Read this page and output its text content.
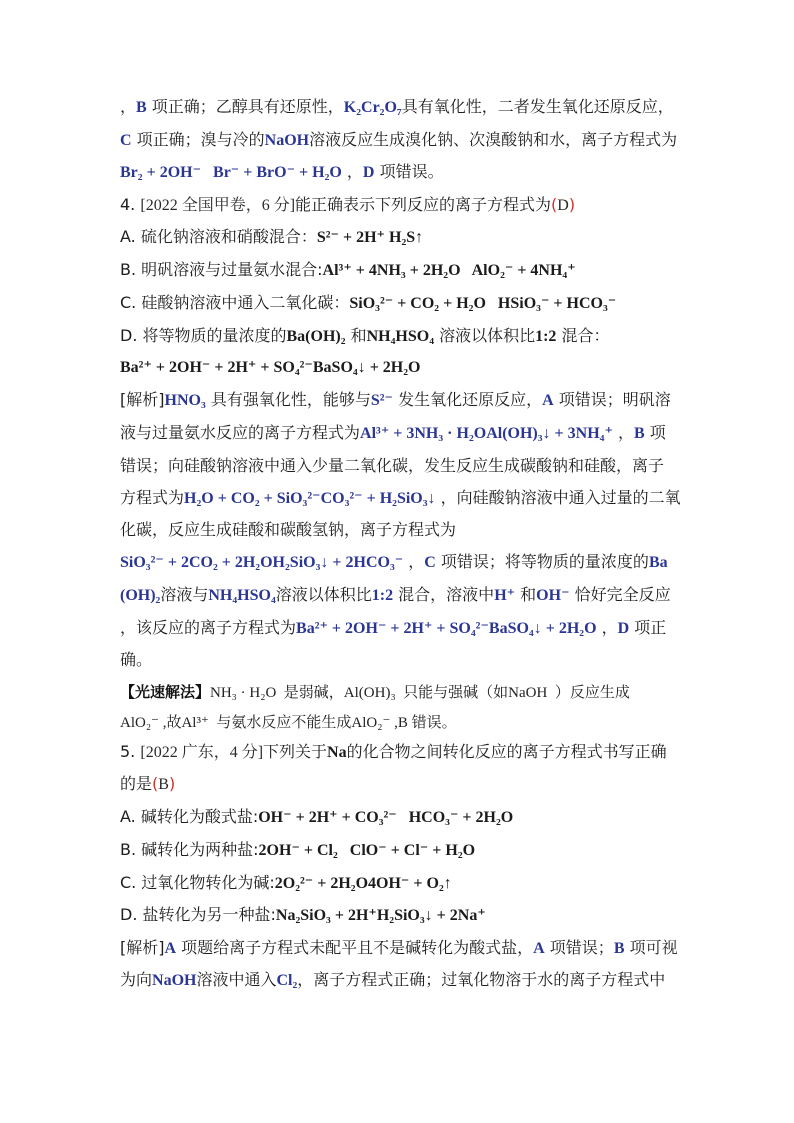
，B 项正确；乙醇具有还原性，K₂Cr₂O₇具有氧化性，二者发生氧化还原反应，
C 项正确；溴与冷的NaOH溶液反应生成溴化钠、次溴酸钠和水，离子方程式为
Br₂ + 2OH⁻   Br⁻ + BrO⁻ + H₂O ，D 项错误。
4. [2022 全国甲卷，6 分]能正确表示下列反应的离子方程式为(D)
A. 硫化钠溶液和硝酸混合：S²⁻ + 2H⁺ H₂S↑
B. 明矾溶液与过量氨水混合:Al³⁺ + 4NH₃ + 2H₂O   AlO₂⁻ + 4NH₄⁺
C. 硅酸钠溶液中通入二氧化碳：SiO₃²⁻ + CO₂ + H₂O   HSiO₃⁻ + HCO₃⁻
D. 将等物质的量浓度的Ba(OH)₂ 和NH₄HSO₄ 溶液以体积比1:2 混合：
Ba²⁺ + 2OH⁻ + 2H⁺ + SO₄²⁻BaSO₄↓ + 2H₂O
[解析]HNO₃ 具有强氧化性，能够与S²⁻ 发生氧化还原反应，A 项错误；明矾溶
液与过量氨水反应的离子方程式为Al³⁺ + 3NH₃ · H₂OAl(OH)₃↓ + 3NH₄⁺ ，B 项
错误；向硅酸钠溶液中通入少量二氧化碳，发生反应生成碳酸钠和硅酸，离子
方程式为H₂O + CO₂ + SiO₃²⁻CO₃²⁻ + H₂SiO₃↓ ，向硅酸钠溶液中通入过量的二氧
化碳，反应生成硅酸和碳酸氢钠，离子方程式为
SiO₃²⁻ + 2CO₂ + 2H₂OH₂SiO₃↓ + 2HCO₃⁻ ，C 项错误；将等物质的量浓度的Ba
(OH)₂溶液与NH₄HSO₄溶液以体积比1:2 混合，溶液中H⁺ 和OH⁻ 恰好完全反应
，该反应的离子方程式为Ba²⁺ + 2OH⁻ + 2H⁺ + SO₄²⁻BaSO₄↓ + 2H₂O ，D 项正
确。
【光速解法】NH₃ · H₂O  是弱碱，Al(OH)₃  只能与强碱（如NaOH  ）反应生成
AlO₂⁻ ,故Al³⁺  与氨水反应不能生成AlO₂⁻ ,B 错误。
5. [2022 广东，4 分]下列关于Na的化合物之间转化反应的离子方程式书写正确
的是(B)
A. 碱转化为酸式盐:OH⁻ + 2H⁺ + CO₃²⁻   HCO₃⁻ + 2H₂O
B. 碱转化为两种盐:2OH⁻ + Cl₂   ClO⁻ + Cl⁻ + H₂O
C. 过氧化物转化为碱:2O₂²⁻ + 2H₂O4OH⁻ + O₂↑
D. 盐转化为另一种盐:Na₂SiO₃ + 2H⁺H₂SiO₃↓ + 2Na⁺
[解析]A 项题给离子方程式未配平且不是碱转化为酸式盐，A 项错误；B 项可视
为向NaOH溶液中通入Cl₂，离子方程式正确；过氧化物溶于水的离子方程式中
